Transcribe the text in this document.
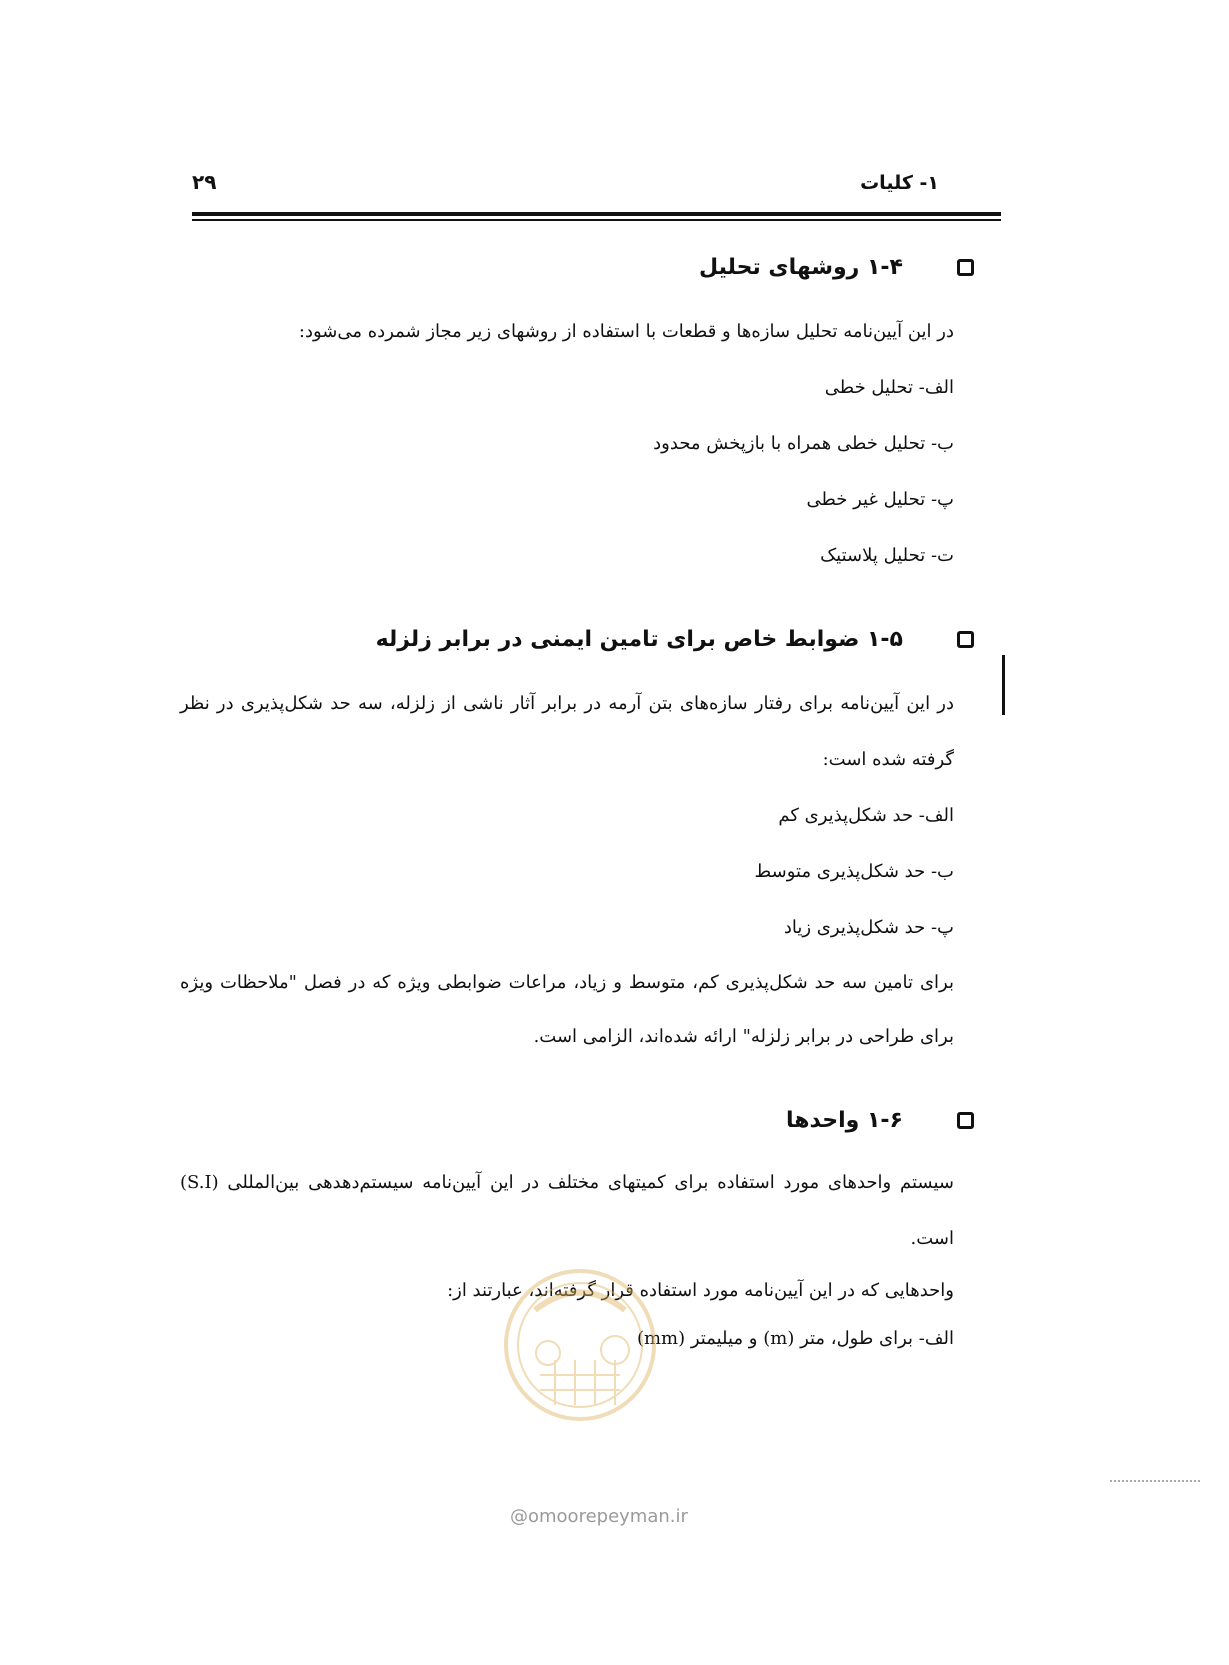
۱- کلیات
۲۹
۱-۴ روشهای تحلیل

در این آیین‌نامه تحلیل سازه‌ها و قطعات با استفاده از روشهای زیر مجاز شمرده می‌شود:

الف- تحلیل خطی

ب- تحلیل خطی همراه با بازپخش محدود

پ- تحلیل غیر خطی

ت- تحلیل پلاستیک

۱-۵ ضوابط خاص برای تامین ایمنی در برابر زلزله

در این آیین‌نامه برای رفتار سازه‌های بتن آرمه در برابر آثار ناشی از زلزله، سه حد شکل‌پذیری در نظر گرفته شده است:

الف- حد شکل‌پذیری کم

ب- حد شکل‌پذیری متوسط

پ- حد شکل‌پذیری زیاد

برای تامین سه حد شکل‌پذیری کم، متوسط و زیاد، مراعات ضوابطی ویژه که در فصل "ملاحظات ویژه برای طراحی در برابر زلزله" ارائه شده‌اند، الزامی است.

۱-۶ واحدها

سیستم واحدهای مورد استفاده برای کمیتهای مختلف در این آیین‌نامه سیستم‌دهدهی بین‌المللی (S.I) است.

واحدهایی که در این آیین‌نامه مورد استفاده قرار گرفته‌اند، عبارتند از:

الف- برای طول، متر (m) و میلیمتر (mm)

@omoorepeyman.ir
